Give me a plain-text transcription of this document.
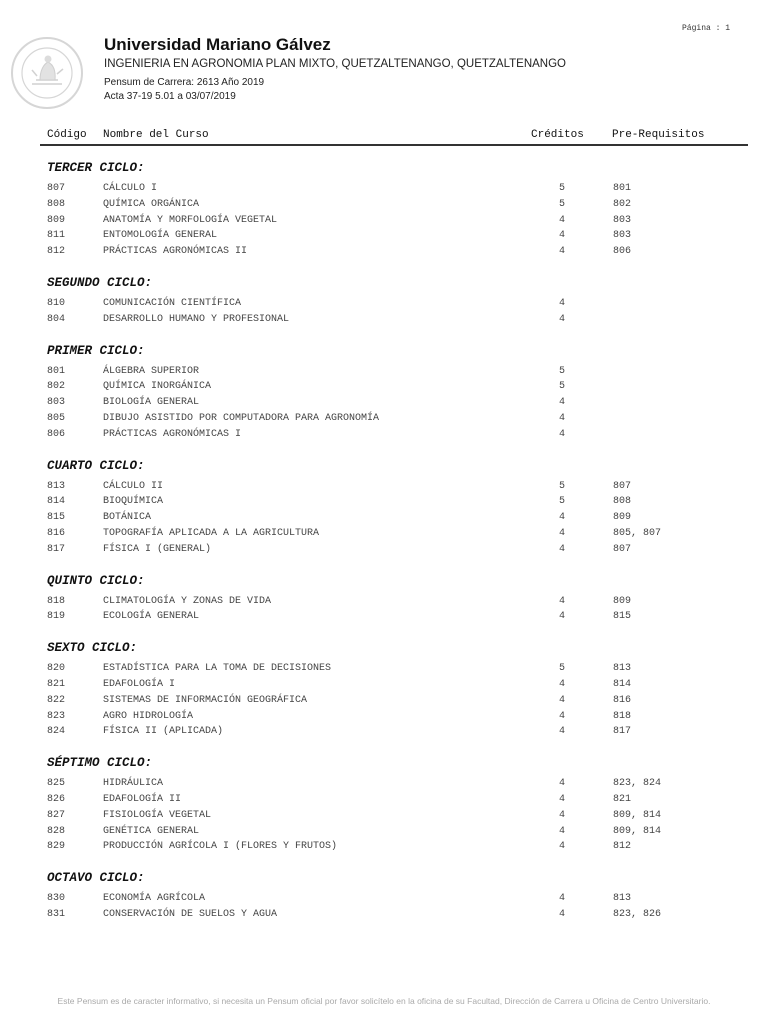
Página : 1
Universidad Mariano Gálvez
INGENIERIA EN AGRONOMIA PLAN MIXTO, QUETZALTENANGO, QUETZALTENANGO
Pensum de Carrera: 2613 Año 2019
Acta 37-19 5.01 a 03/07/2019
Código Nombre del Curso	Créditos	Pre-Requisitos
TERCER CICLO:
807	CÁLCULO I	5	801
808	QUÍMICA ORGÁNICA	5	802
809	ANATOMÍA Y MORFOLOGÍA VEGETAL	4	803
811	ENTOMOLOGÍA GENERAL	4	803
812	PRÁCTICAS AGRONÓMICAS II	4	806
SEGUNDO CICLO:
810	COMUNICACIÓN CIENTÍFICA	4
804	DESARROLLO HUMANO Y PROFESIONAL	4
PRIMER CICLO:
801	ÁLGEBRA SUPERIOR	5
802	QUÍMICA INORGÁNICA	5
803	BIOLOGÍA GENERAL	4
805	DIBUJO ASISTIDO POR COMPUTADORA PARA AGRONOMÍA	4
806	PRÁCTICAS AGRONÓMICAS I	4
CUARTO CICLO:
813	CÁLCULO II	5	807
814	BIOQUÍMICA	5	808
815	BOTÁNICA	4	809
816	TOPOGRAFÍA APLICADA A LA AGRICULTURA	4	805, 807
817	FÍSICA I (GENERAL)	4	807
QUINTO CICLO:
818	CLIMATOLOGÍA Y ZONAS DE VIDA	4	809
819	ECOLOGÍA GENERAL	4	815
SEXTO CICLO:
820	ESTADÍSTICA PARA LA TOMA DE DECISIONES	5	813
821	EDAFOLOGÍA I	4	814
822	SISTEMAS DE INFORMACIÓN GEOGRÁFICA	4	816
823	AGRO HIDROLOGÍA	4	818
824	FÍSICA II (APLICADA)	4	817
SÉPTIMO CICLO:
825	HIDRÁULICA	4	823, 824
826	EDAFOLOGÍA II	4	821
827	FISIOLOGÍA VEGETAL	4	809, 814
828	GENÉTICA GENERAL	4	809, 814
829	PRODUCCIÓN AGRÍCOLA I (FLORES Y FRUTOS)	4	812
OCTAVO CICLO:
830	ECONOMÍA AGRÍCOLA	4	813
831	CONSERVACIÓN DE SUELOS Y AGUA	4	823, 826
Este Pensum es de caracter informativo, si necesita un Pensum oficial por favor solicítelo en la oficina de su Facultad, Dirección de Carrera u Oficina de Centro Universitario.
